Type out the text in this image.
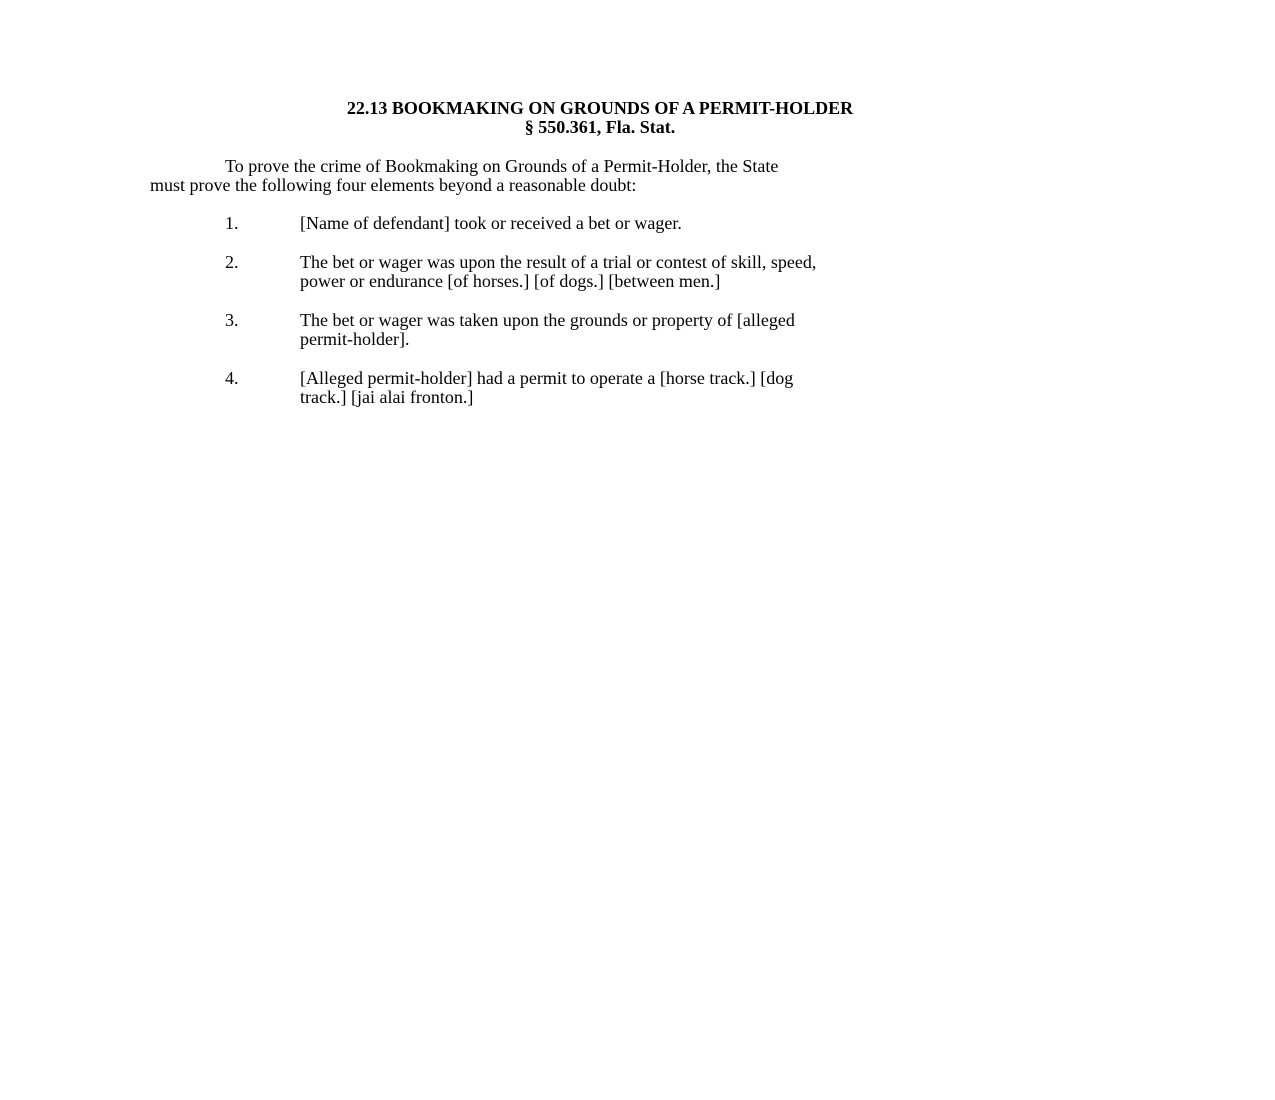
22.13 BOOKMAKING ON GROUNDS OF A PERMIT-HOLDER
§ 550.361, Fla. Stat.
To prove the crime of Bookmaking on Grounds of a Permit-Holder, the State
must prove the following four elements beyond a reasonable doubt:
1.	[Name of defendant] took or received a bet or wager.
2.	The bet or wager was upon the result of a trial or contest of skill, speed,
power or endurance [of horses.] [of dogs.] [between men.]
3.	The bet or wager was taken upon the grounds or property of [alleged
permit-holder].
4.	[Alleged permit-holder] had a permit to operate a [horse track.] [dog
track.] [jai alai fronton.]
